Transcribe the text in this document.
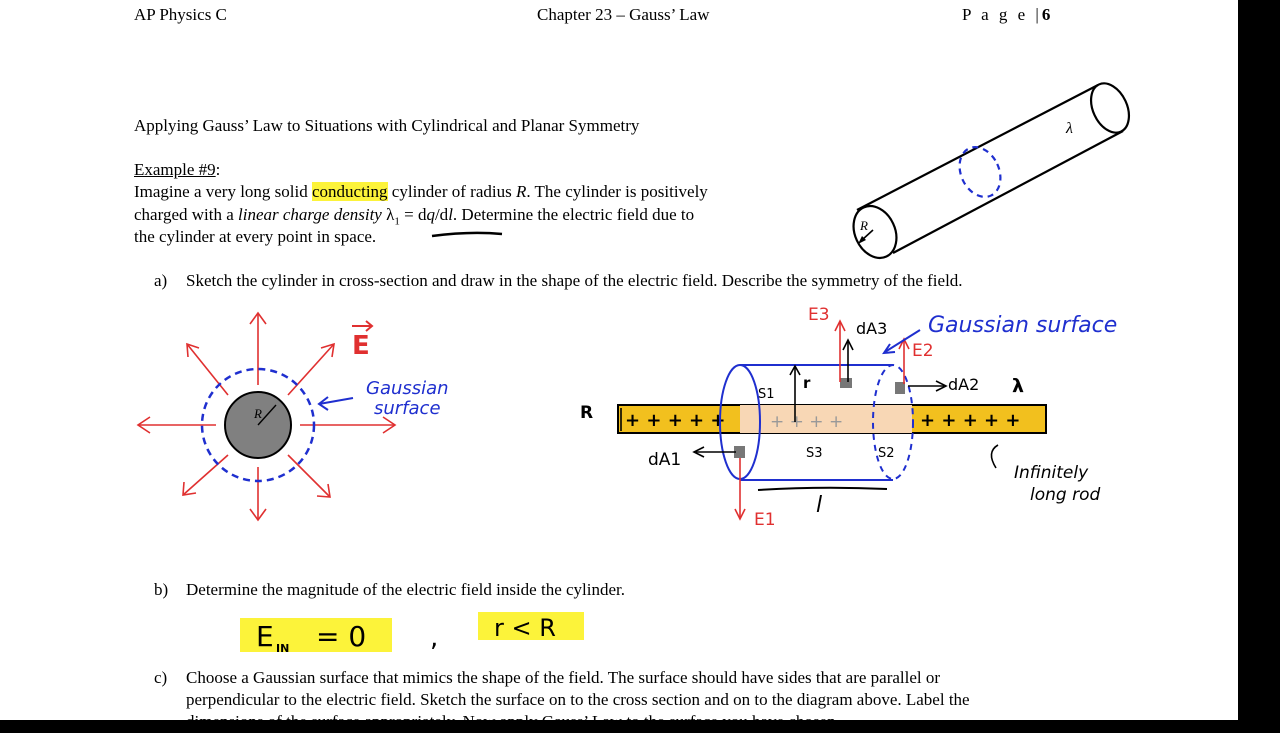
AP Physics C	Chapter 23 – Gauss’ Law	P a g e |6
Applying Gauss’ Law to Situations with Cylindrical and Planar Symmetry
Example #9:
Imagine a very long solid conducting cylinder of radius R. The cylinder is positively
charged with a linear charge density $\lambda_1 = dq/dl$. Determine the electric field due to
the cylinder at every point in space.
a) Sketch the cylinder in cross-section and draw in the shape of the electric field. Describe the symmetry of the field.
b) Determine the magnitude of the electric field inside the cylinder.
c) Choose a Gaussian surface that mimics the shape of the field. The surface should have sides that are parallel or
perpendicular to the electric field. Sketch the surface on to the cross section and on to the diagram above. Label the
dimensions of the surface appropriately. Now apply Gauss’ Law to the surface you have chosen.
λ
R
R
E
Gaussian
surface
+ + + + +	+ + + + +
+ + + +
E3
dA3 Gaussian surface
E2
dA2 λ
S1
r
R
S2
S3
dA1
E1
l
Infinitely
long rod
E IN = 0 , r < R
